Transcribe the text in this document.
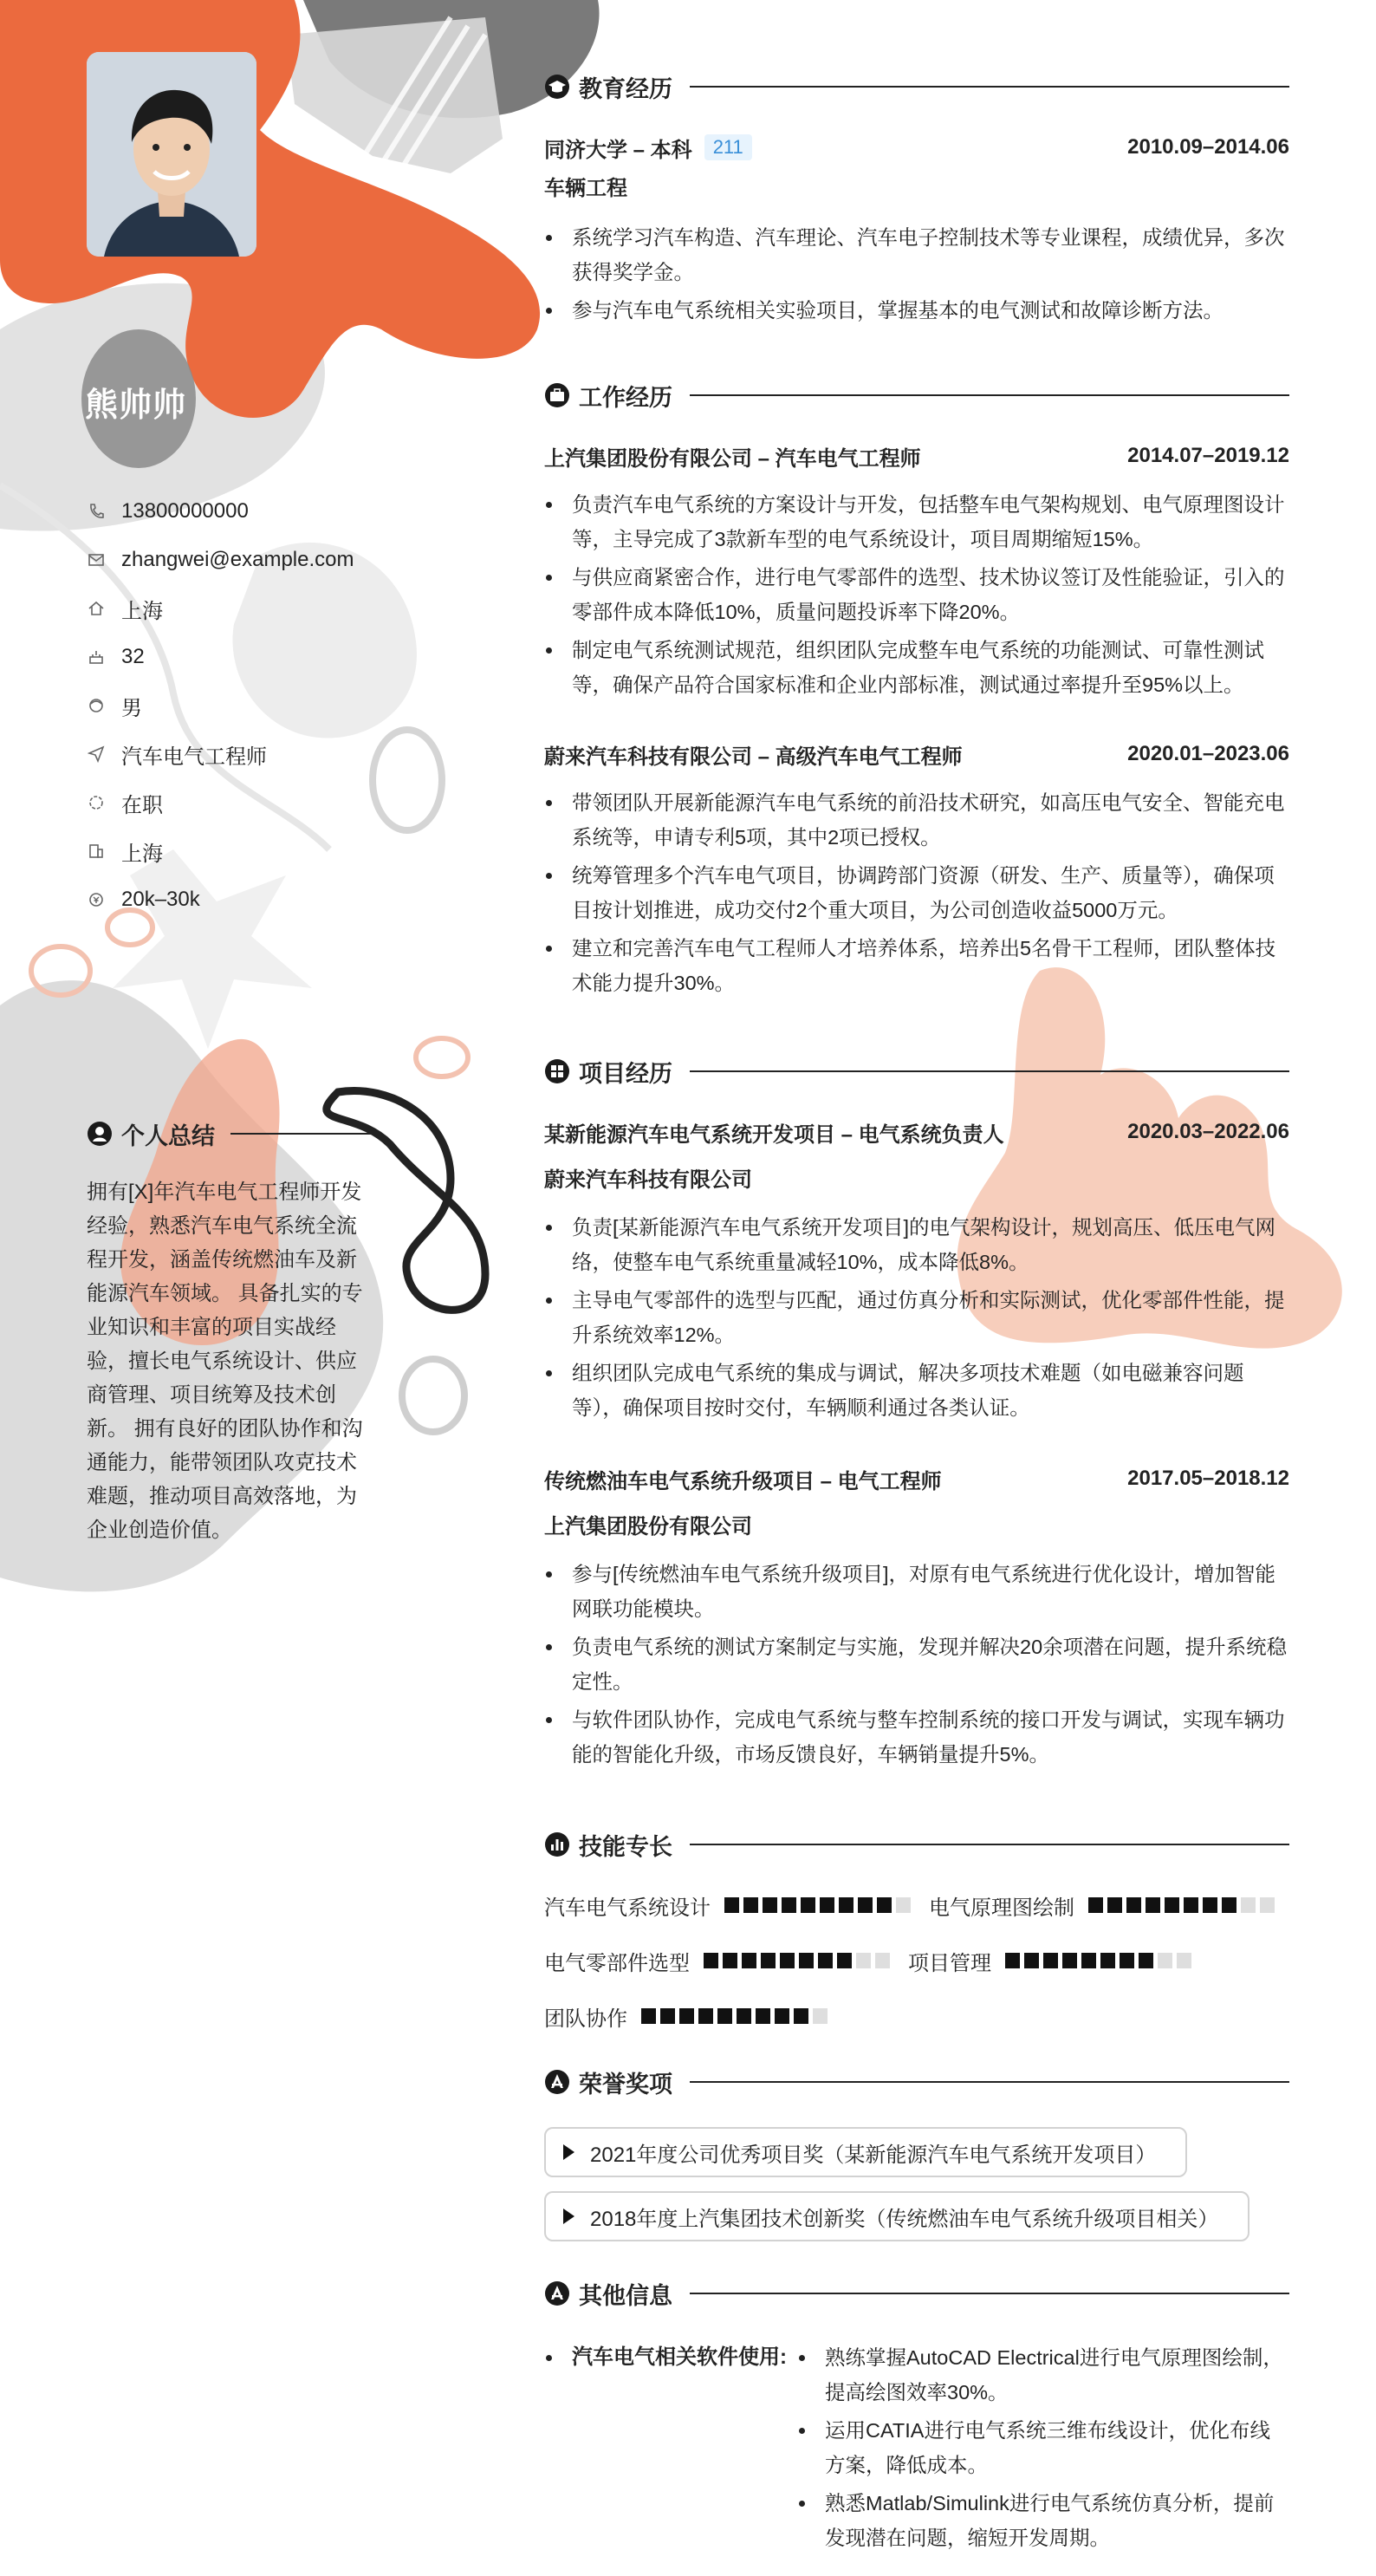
熊帅帅
13800000000
zhangwei@example.com
上海
32
男
汽车电气工程师
在职
上海
20k–30k
个人总结
拥有[X]年汽车电气工程师开发经验，熟悉汽车电气系统全流程开发，涵盖传统燃油车及新能源汽车领域。 具备扎实的专业知识和丰富的项目实战经验，擅长电气系统设计、供应商管理、项目统筹及技术创新。 拥有良好的团队协作和沟通能力，能带领团队攻克技术难题，推动项目高效落地，为企业创造价值。
教育经历
同济大学 – 本科	211	2010.09–2014.06
车辆工程
系统学习汽车构造、汽车理论、汽车电子控制技术等专业课程，成绩优异，多次获得奖学金。
参与汽车电气系统相关实验项目，掌握基本的电气测试和故障诊断方法。
工作经历
上汽集团股份有限公司 – 汽车电气工程师	2014.07–2019.12
负责汽车电气系统的方案设计与开发，包括整车电气架构规划、电气原理图设计等，主导完成了3款新车型的电气系统设计，项目周期缩短15%。
与供应商紧密合作，进行电气零部件的选型、技术协议签订及性能验证，引入的零部件成本降低10%，质量问题投诉率下降20%。
制定电气系统测试规范，组织团队完成整车电气系统的功能测试、可靠性测试等，确保产品符合国家标准和企业内部标准，测试通过率提升至95%以上。
蔚来汽车科技有限公司 – 高级汽车电气工程师	2020.01–2023.06
带领团队开展新能源汽车电气系统的前沿技术研究，如高压电气安全、智能充电系统等，申请专利5项，其中2项已授权。
统筹管理多个汽车电气项目，协调跨部门资源（研发、生产、质量等），确保项目按计划推进，成功交付2个重大项目，为公司创造收益5000万元。
建立和完善汽车电气工程师人才培养体系，培养出5名骨干工程师，团队整体技术能力提升30%。
项目经历
某新能源汽车电气系统开发项目 – 电气系统负责人	2020.03–2022.06
蔚来汽车科技有限公司
负责[某新能源汽车电气系统开发项目]的电气架构设计，规划高压、低压电气网络，使整车电气系统重量减轻10%，成本降低8%。
主导电气零部件的选型与匹配，通过仿真分析和实际测试，优化零部件性能，提升系统效率12%。
组织团队完成电气系统的集成与调试，解决多项技术难题（如电磁兼容问题等），确保项目按时交付，车辆顺利通过各类认证。
传统燃油车电气系统升级项目 – 电气工程师	2017.05–2018.12
上汽集团股份有限公司
参与[传统燃油车电气系统升级项目]，对原有电气系统进行优化设计，增加智能网联功能模块。
负责电气系统的测试方案制定与实施，发现并解决20余项潜在问题，提升系统稳定性。
与软件团队协作，完成电气系统与整车控制系统的接口开发与调试，实现车辆功能的智能化升级，市场反馈良好，车辆销量提升5%。
技能专长
汽车电气系统设计	电气原理图绘制
电气零部件选型	项目管理
团队协作
荣誉奖项
2021年度公司优秀项目奖（某新能源汽车电气系统开发项目）
2018年度上汽集团技术创新奖（传统燃油车电气系统升级项目相关）
其他信息
汽车电气相关软件使用:	熟练掌握AutoCAD Electrical进行电气原理图绘制，提高绘图效率30%。
运用CATIA进行电气系统三维布线设计，优化布线方案，降低成本。
熟悉Matlab/Simulink进行电气系统仿真分析，提前发现潜在问题，缩短开发周期。
